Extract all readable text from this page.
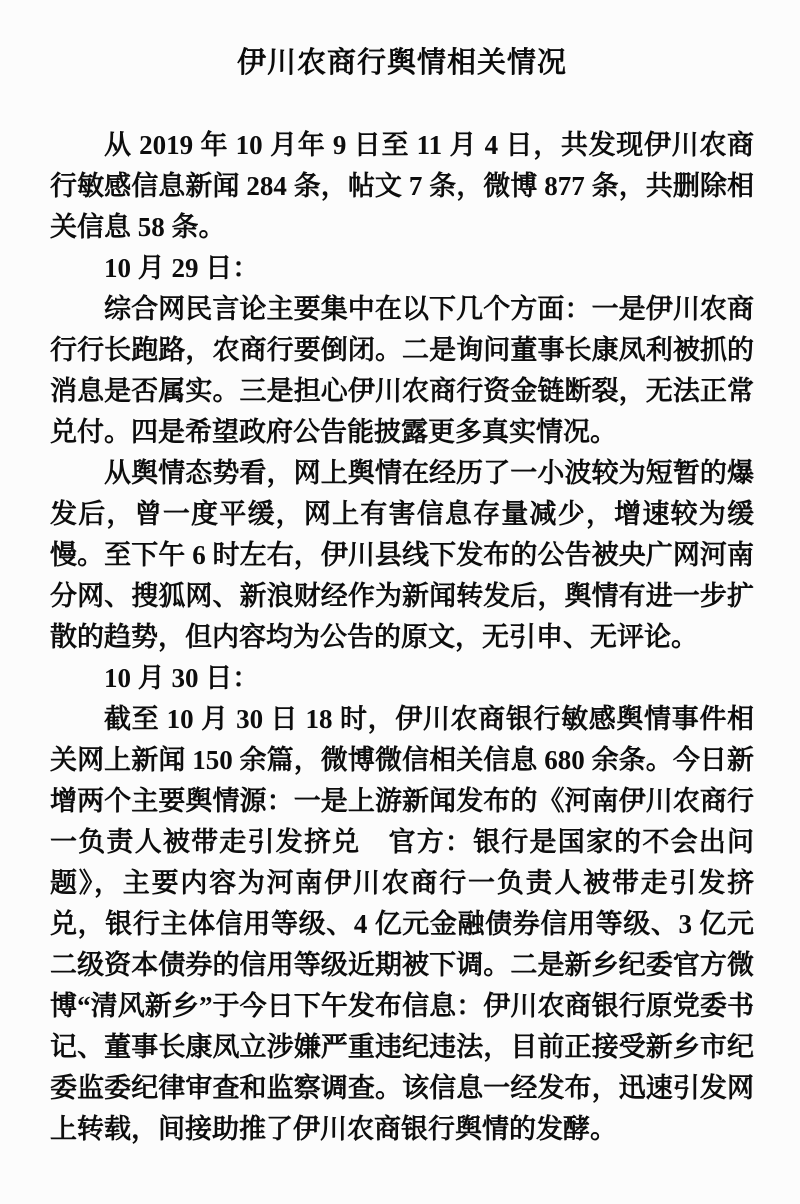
伊川农商行舆情相关情况

从 2019 年 10 月年 9 日至 11 月 4 日，共发现伊川农商行敏感信息新闻 284 条，帖文 7 条，微博 877 条，共删除相关信息 58 条。

10 月 29 日：

综合网民言论主要集中在以下几个方面：一是伊川农商行行长跑路，农商行要倒闭。二是询问董事长康凤利被抓的消息是否属实。三是担心伊川农商行资金链断裂，无法正常兑付。四是希望政府公告能披露更多真实情况。

从舆情态势看，网上舆情在经历了一小波较为短暂的爆发后，曾一度平缓，网上有害信息存量减少，增速较为缓慢。至下午 6 时左右，伊川县线下发布的公告被央广网河南分网、搜狐网、新浪财经作为新闻转发后，舆情有进一步扩散的趋势，但内容均为公告的原文，无引申、无评论。

10 月 30 日：

截至 10 月 30 日 18 时，伊川农商银行敏感舆情事件相关网上新闻 150 余篇，微博微信相关信息 680 余条。今日新增两个主要舆情源：一是上游新闻发布的《河南伊川农商行一负责人被带走引发挤兑　官方：银行是国家的不会出问题》，主要内容为河南伊川农商行一负责人被带走引发挤兑，银行主体信用等级、4 亿元金融债券信用等级、3 亿元二级资本债券的信用等级近期被下调。二是新乡纪委官方微博“清风新乡”于今日下午发布信息：伊川农商银行原党委书记、董事长康凤立涉嫌严重违纪违法，目前正接受新乡市纪委监委纪律审查和监察调查。该信息一经发布，迅速引发网上转载，间接助推了伊川农商银行舆情的发酵。
